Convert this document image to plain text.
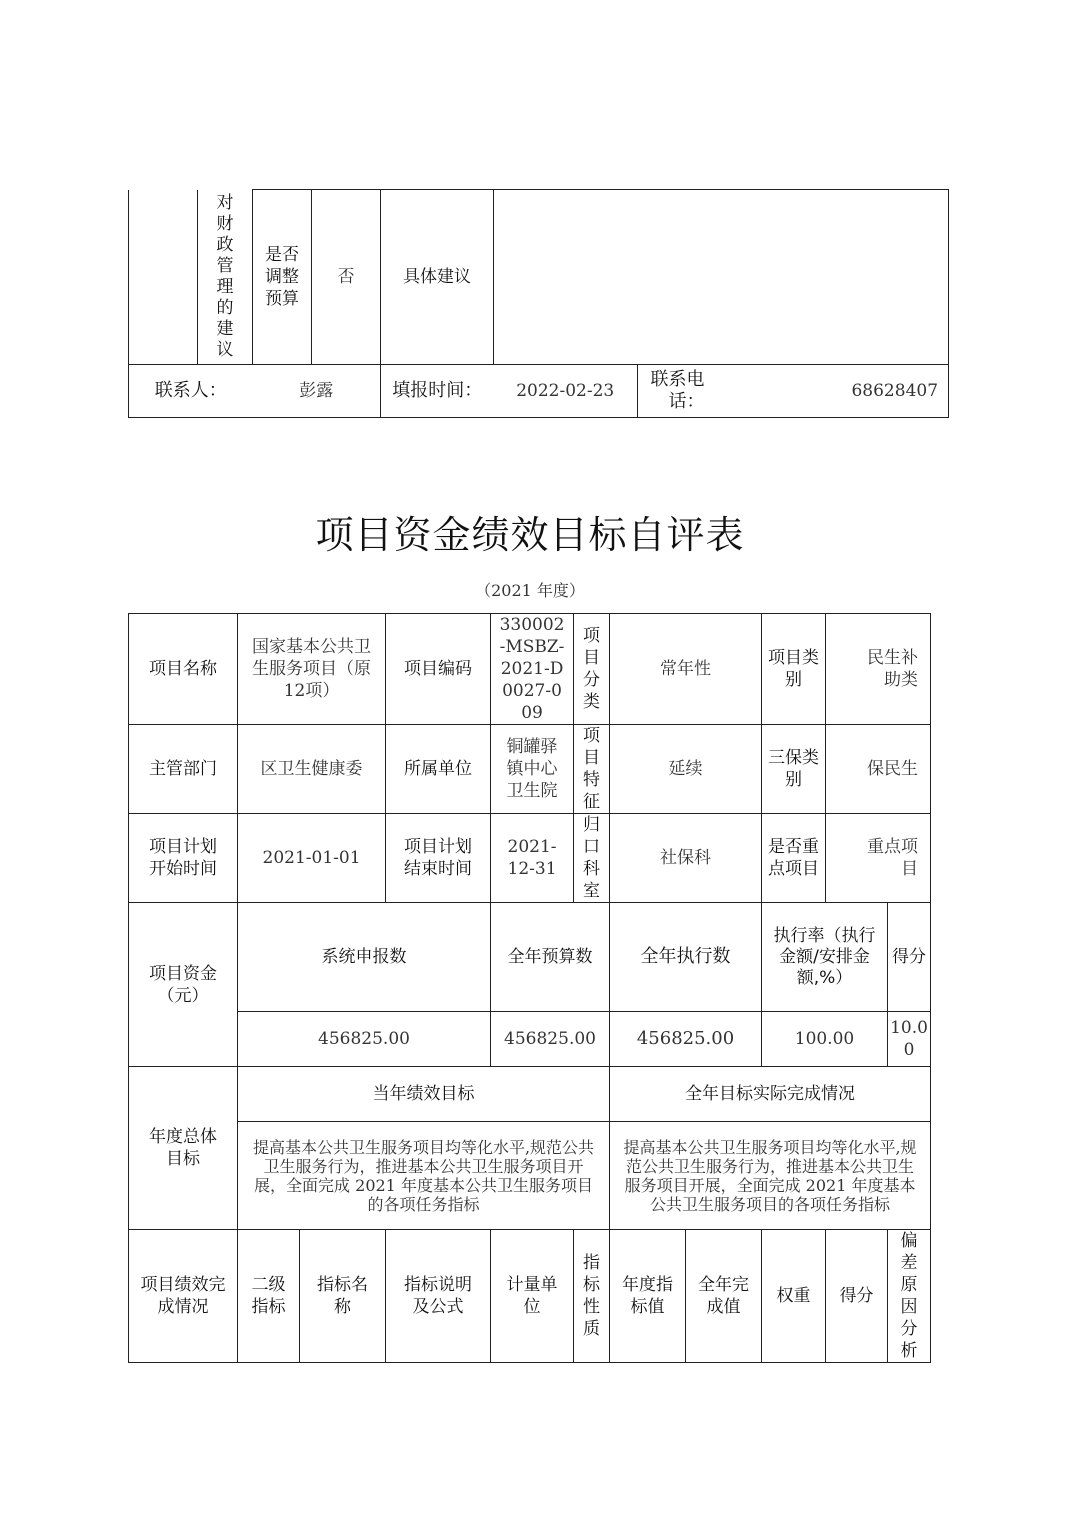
	对财政管理的建议	是否调整预算	否	具体建议			
联系人：		彭露		填报时间：	2022-02-23	联系电话：	68628407
项目资金绩效目标自评表
（2021 年度）
项目名称	国家基本公共卫生服务项目（原12项）		项目编码	330002-MSBZ-2021-D0027-009	项目分类	常年性		项目类别	民生补助类	
主管部门	区卫生健康委		所属单位	铜罐驿镇中心卫生院	项目特征	延续		三保类别	保民生	
项目计划开始时间	2021-01-01		项目计划结束时间	2021-12-31	归口科室	社保科		是否重点项目	重点项目	
项目资金（元）	系统申报数			全年预算数		全年执行数		执行率（执行金额/安排金额,%）		得分
	456825.00			456825.00		456825.00		100.00		10.00
年度总体目标	当年绩效目标					全年目标实际完成情况				
	提高基本公共卫生服务项目均等化水平,规范公共卫生服务行为，推进基本公共卫生服务项目开展，全面完成 2021 年度基本公共卫生服务项目的各项任务指标					提高基本公共卫生服务项目均等化水平,规范公共卫生服务行为，推进基本公共卫生服务项目开展，全面完成 2021 年度基本公共卫生服务项目的各项任务指标				
项目绩效完成情况	二级指标	指标名称	指标说明及公式	计量单位	指标性质	年度指标值	全年完成值	权重	得分	偏差原因分析
